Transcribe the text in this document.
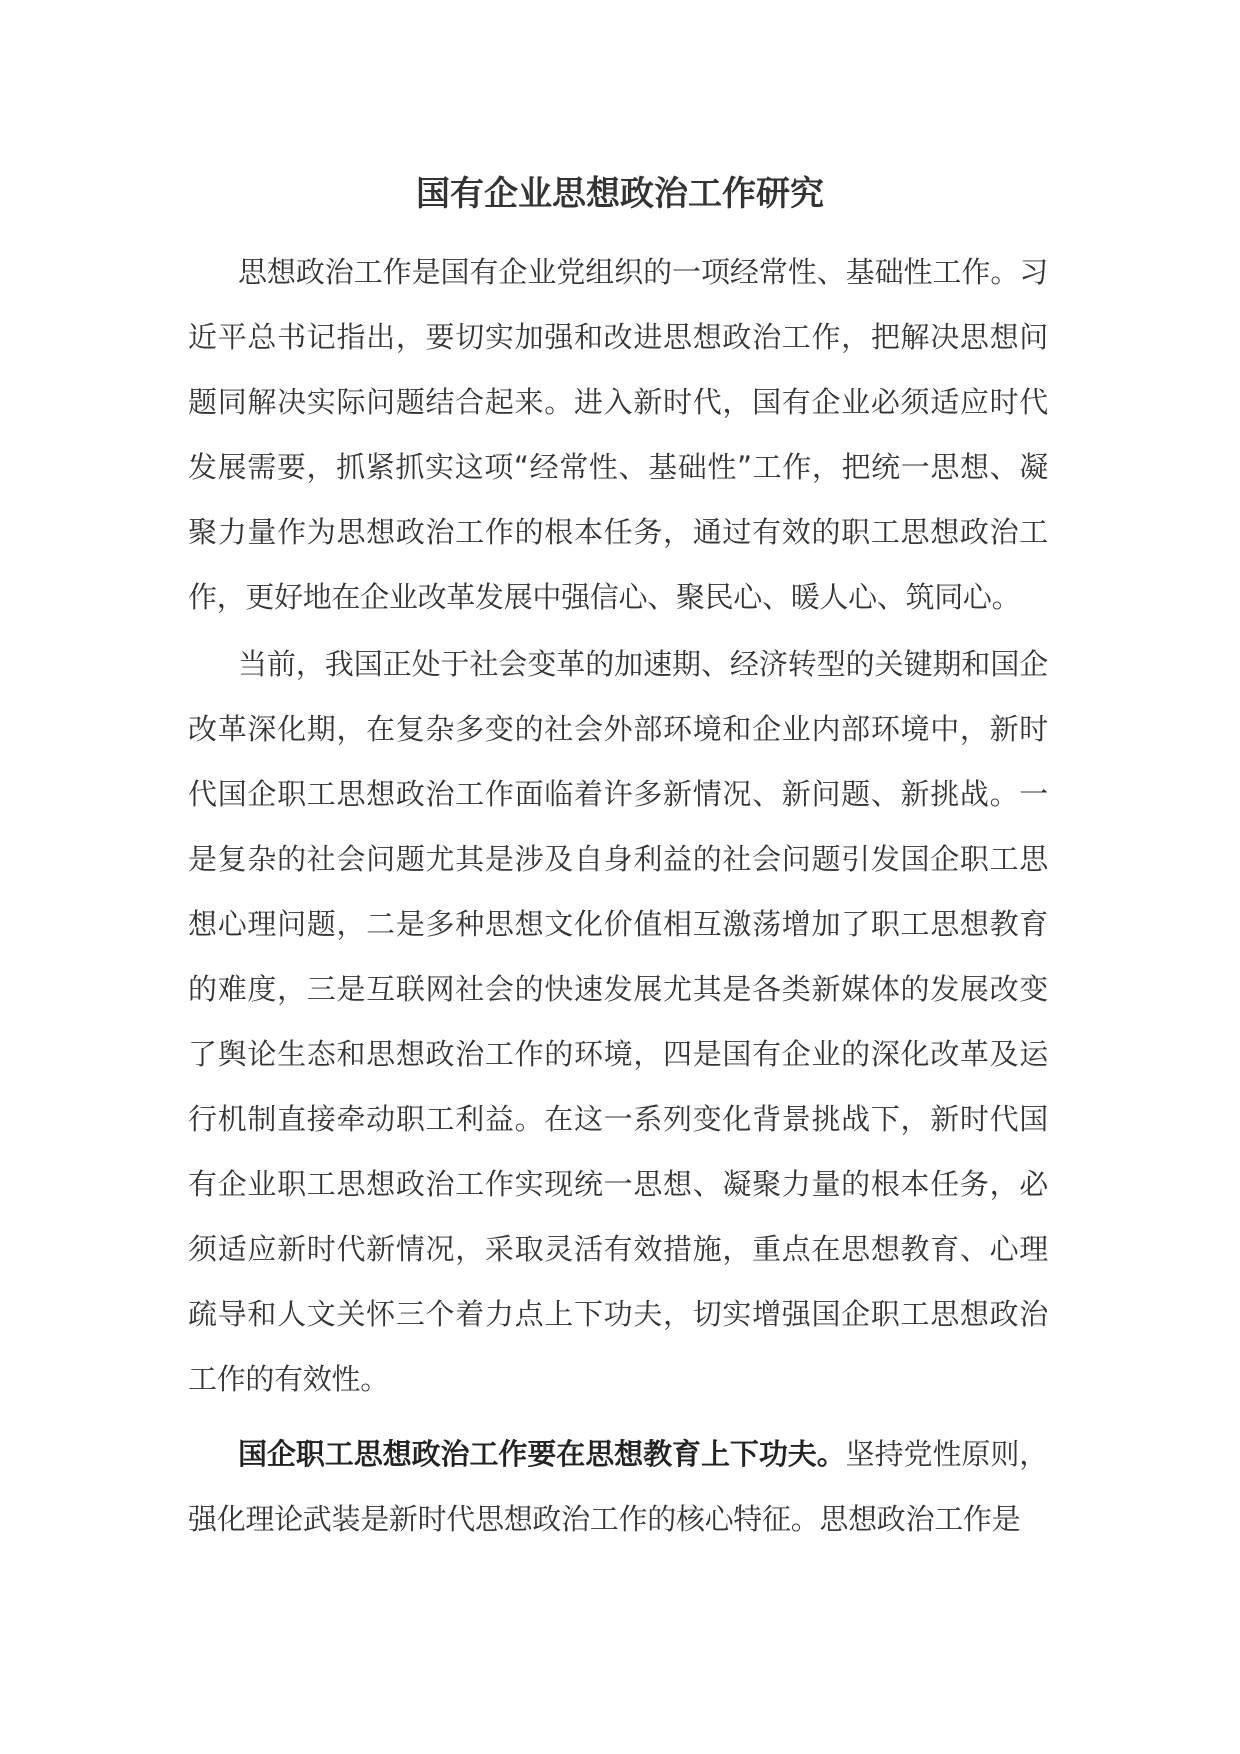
国有企业思想政治工作研究

思想政治工作是国有企业党组织的一项经常性、基础性工作。习近平总书记指出，要切实加强和改进思想政治工作，把解决思想问题同解决实际问题结合起来。进入新时代，国有企业必须适应时代发展需要，抓紧抓实这项“经常性、基础性”工作，把统一思想、凝聚力量作为思想政治工作的根本任务，通过有效的职工思想政治工作，更好地在企业改革发展中强信心、聚民心、暖人心、筑同心。

当前，我国正处于社会变革的加速期、经济转型的关键期和国企改革深化期，在复杂多变的社会外部环境和企业内部环境中，新时代国企职工思想政治工作面临着许多新情况、新问题、新挑战。一是复杂的社会问题尤其是涉及自身利益的社会问题引发国企职工思想心理问题，二是多种思想文化价值相互激荡增加了职工思想教育的难度，三是互联网社会的快速发展尤其是各类新媒体的发展改变了舆论生态和思想政治工作的环境，四是国有企业的深化改革及运行机制直接牵动职工利益。在这一系列变化背景挑战下，新时代国有企业职工思想政治工作实现统一思想、凝聚力量的根本任务，必须适应新时代新情况，采取灵活有效措施，重点在思想教育、心理疏导和人文关怀三个着力点上下功夫，切实增强国企职工思想政治工作的有效性。

国企职工思想政治工作要在思想教育上下功夫。坚持党性原则，强化理论武装是新时代思想政治工作的核心特征。思想政治工作是
